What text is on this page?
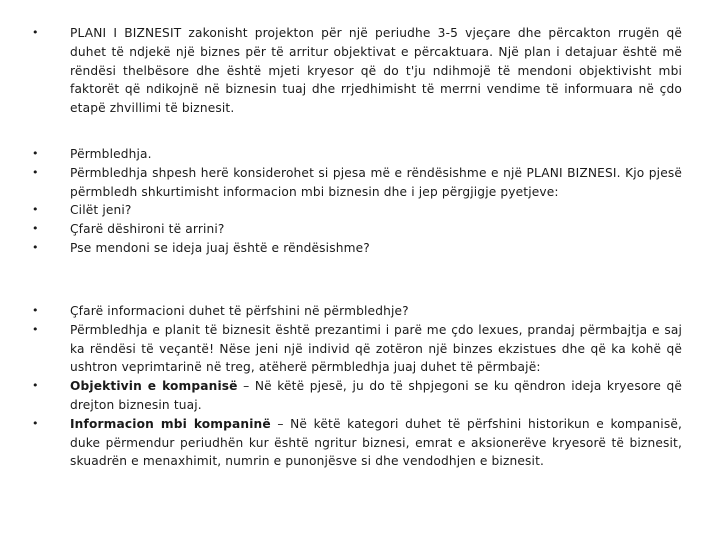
•	PLANI I BIZNESIT zakonisht projekton për një periudhe 3-5 vjeçare dhe përcakton rrugën që duhet të ndjekë një biznes për të arritur objektivat e përcaktuara. Një plan i detajuar është më rëndësi thelbësore dhe është mjeti kryesor që do t'ju ndihmojë të mendoni objektivisht mbi faktorët që ndikojnë në biznesin tuaj dhe rrjedhimisht të merrni vendime të informuara në çdo etapë zhvillimi të biznesit.
•	Përmbledhja.
•	Përmbledhja shpesh herë konsiderohet si pjesa më e rëndësishme e një PLANI BIZNESI. Kjo pjesë përmbledh shkurtimisht informacion mbi biznesin dhe i jep përgjigje pyetjeve:
•	Cilët jeni?
•	Çfarë dëshironi të arrini?
•	Pse mendoni se ideja juaj është e rëndësishme?
•	Çfarë informacioni duhet të përfshini në përmbledhje?
•	Përmbledhja e planit të biznesit është prezantimi i parë me çdo lexues, prandaj përmbajtja e saj ka rëndësi të veçantë! Nëse jeni një individ që zotëron një binzes ekzistues dhe që ka kohë që ushtron veprimtarinë në treg, atëherë përmbledhja juaj duhet të përmbajë:
•	Objektivin e kompanisë – Në këtë pjesë, ju do të shpjegoni se ku qëndron ideja kryesore që drejton biznesin tuaj.
•	Informacion mbi kompaninë – Në këtë kategori duhet të përfshini historikun e kompanisë, duke përmendur periudhën kur është ngritur biznesi, emrat e aksionerëve kryesorë të biznesit, skuadrën e menaxhimit, numrin e punonjësve si dhe vendodhjen e biznesit.
